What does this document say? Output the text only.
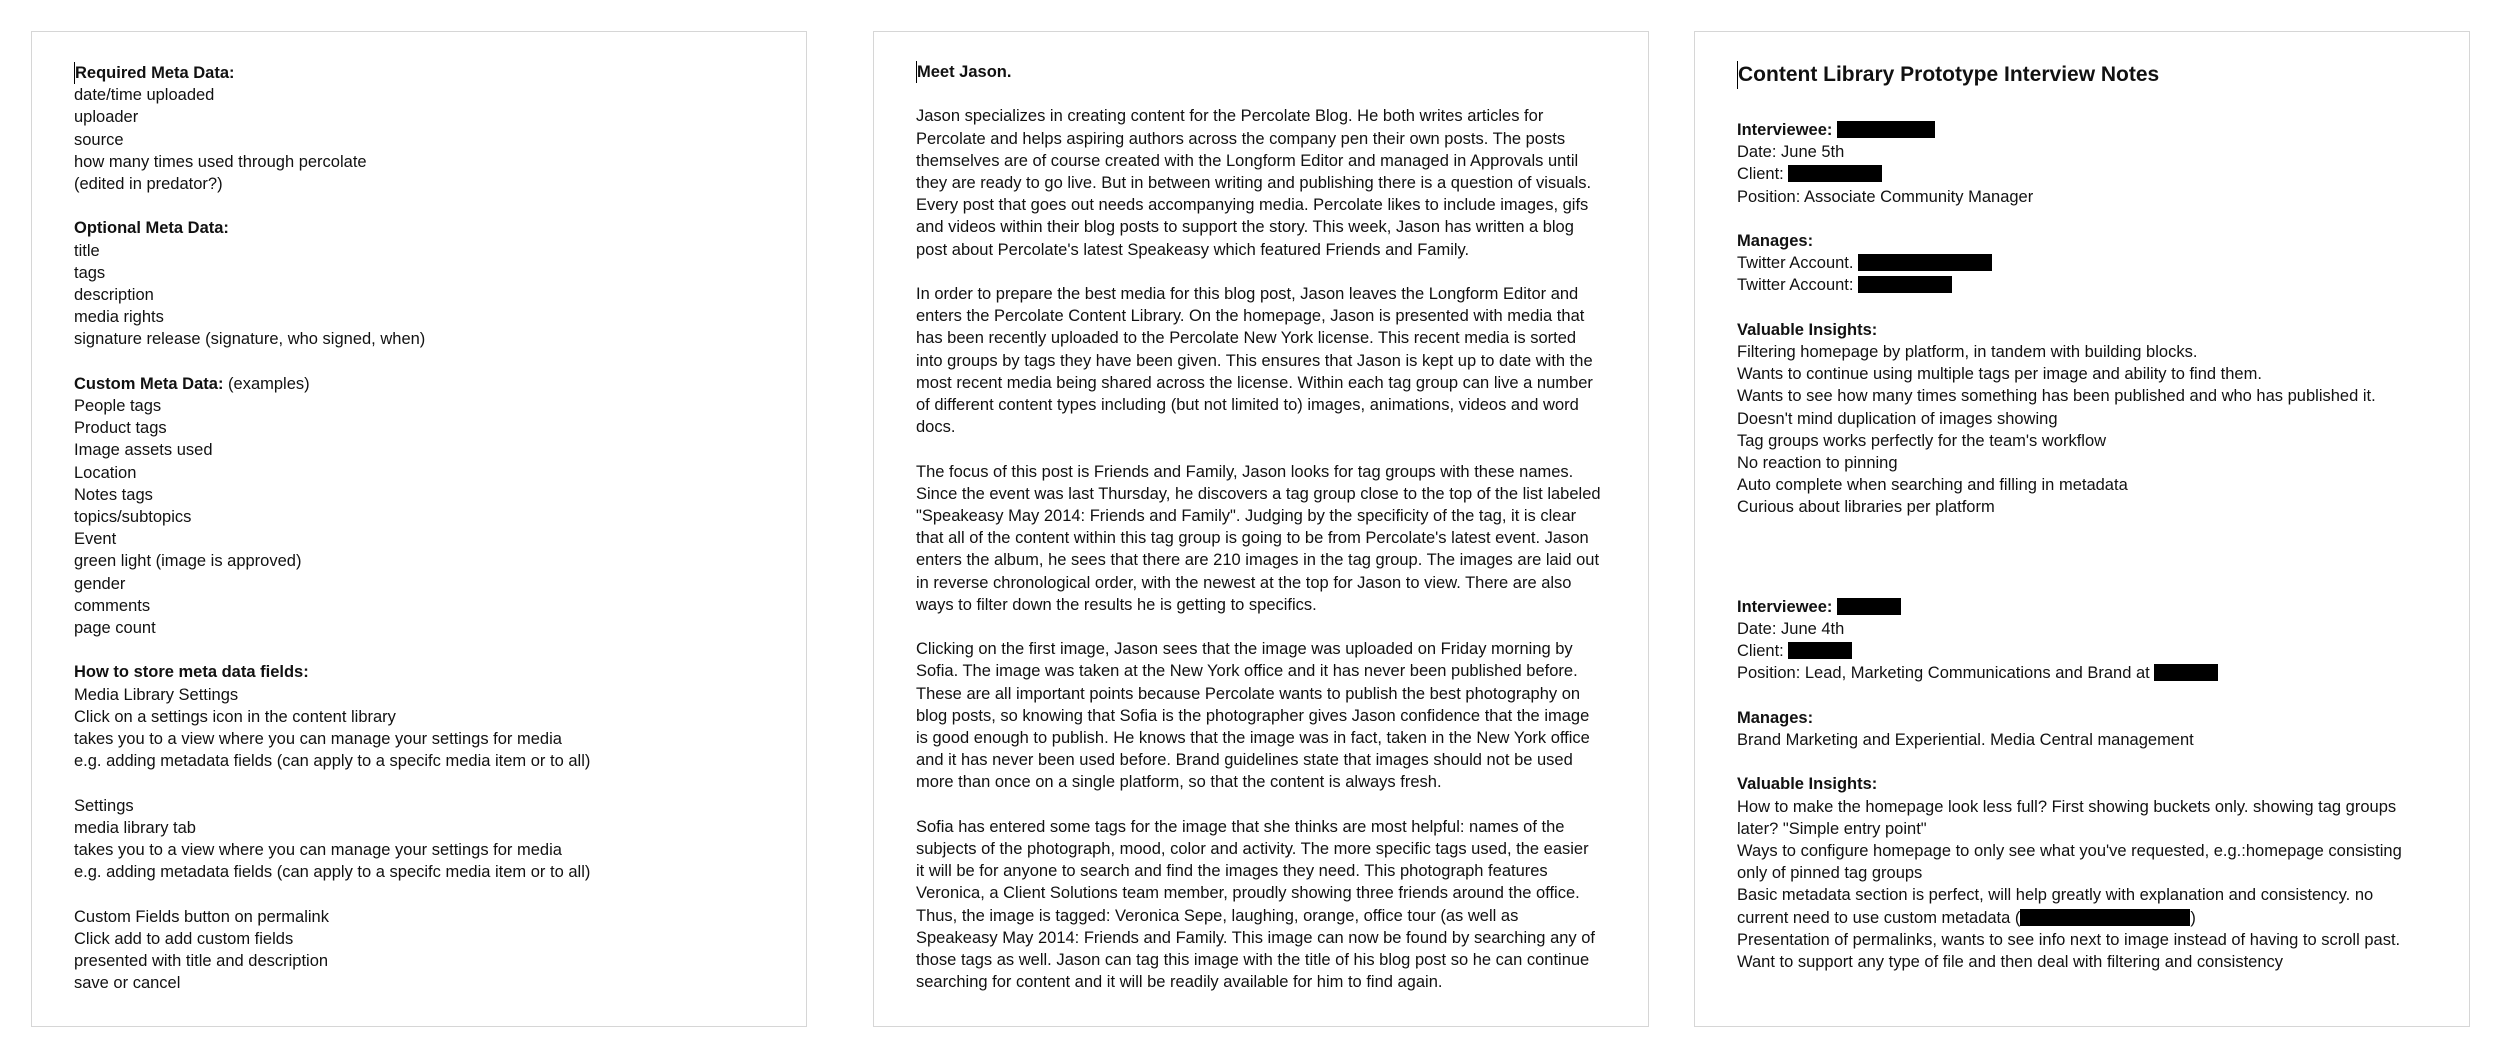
Required Meta Data:
date/time uploaded
uploader
source
how many times used through percolate
(edited in predator?)
Optional Meta Data:
title
tags
description
media rights
signature release (signature, who signed, when)
Custom Meta Data: (examples)
People tags
Product tags
Image assets used
Location
Notes tags
topics/subtopics
Event
green light (image is approved)
gender
comments
page count
How to store meta data fields:
Media Library Settings
Click on a settings icon in the content library
takes you to a view where you can manage your settings for media
e.g. adding metadata fields (can apply to a specifc media item or to all)
Settings
media library tab
takes you to a view where you can manage your settings for media
e.g. adding metadata fields (can apply to a specifc media item or to all)
Custom Fields button on permalink
Click add to add custom fields
presented with title and description
save or cancel
Meet Jason.
Jason specializes in creating content for the Percolate Blog. He both writes articles for
Percolate and helps aspiring authors across the company pen their own posts. The posts
themselves are of course created with the Longform Editor and managed in Approvals until
they are ready to go live. But in between writing and publishing there is a question of visuals.
Every post that goes out needs accompanying media. Percolate likes to include images, gifs
and videos within their blog posts to support the story. This week, Jason has written a blog
post about Percolate's latest Speakeasy which featured Friends and Family.
In order to prepare the best media for this blog post, Jason leaves the Longform Editor and
enters the Percolate Content Library. On the homepage, Jason is presented with media that
has been recently uploaded to the Percolate New York license. This recent media is sorted
into groups by tags they have been given. This ensures that Jason is kept up to date with the
most recent media being shared across the license. Within each tag group can live a number
of different content types including (but not limited to) images, animations, videos and word
docs.
The focus of this post is Friends and Family, Jason looks for tag groups with these names.
Since the event was last Thursday, he discovers a tag group close to the top of the list labeled
"Speakeasy May 2014: Friends and Family". Judging by the specificity of the tag, it is clear
that all of the content within this tag group is going to be from Percolate's latest event. Jason
enters the album, he sees that there are 210 images in the tag group. The images are laid out
in reverse chronological order, with the newest at the top for Jason to view. There are also
ways to filter down the results he is getting to specifics.
Clicking on the first image, Jason sees that the image was uploaded on Friday morning by
Sofia. The image was taken at the New York office and it has never been published before.
These are all important points because Percolate wants to publish the best photography on
blog posts, so knowing that Sofia is the photographer gives Jason confidence that the image
is good enough to publish. He knows that the image was in fact, taken in the New York office
and it has never been used before. Brand guidelines state that images should not be used
more than once on a single platform, so that the content is always fresh.
Sofia has entered some tags for the image that she thinks are most helpful: names of the
subjects of the photograph, mood, color and activity. The more specific tags used, the easier
it will be for anyone to search and find the images they need. This photograph features
Veronica, a Client Solutions team member, proudly showing three friends around the office.
Thus, the image is tagged: Veronica Sepe, laughing, orange, office tour (as well as
Speakeasy May 2014: Friends and Family. This image can now be found by searching any of
those tags as well. Jason can tag this image with the title of his blog post so he can continue
searching for content and it will be readily available for him to find again.
Content Library Prototype Interview Notes
Interviewee:
Date: June 5th
Client:
Position: Associate Community Manager
Manages:
Twitter Account.
Twitter Account:
Valuable Insights:
Filtering homepage by platform, in tandem with building blocks.
Wants to continue using multiple tags per image and ability to find them.
Wants to see how many times something has been published and who has published it.
Doesn't mind duplication of images showing
Tag groups works perfectly for the team's workflow
No reaction to pinning
Auto complete when searching and filling in metadata
Curious about libraries per platform
Interviewee:
Date: June 4th
Client:
Position: Lead, Marketing Communications and Brand at
Manages:
Brand Marketing and Experiential. Media Central management
Valuable Insights:
How to make the homepage look less full? First showing buckets only. showing tag groups
later? "Simple entry point"
Ways to configure homepage to only see what you've requested, e.g.:homepage consisting
only of pinned tag groups
Basic metadata section is perfect, will help greatly with explanation and consistency. no
current need to use custom metadata (	)
Presentation of permalinks, wants to see info next to image instead of having to scroll past.
Want to support any type of file and then deal with filtering and consistency
